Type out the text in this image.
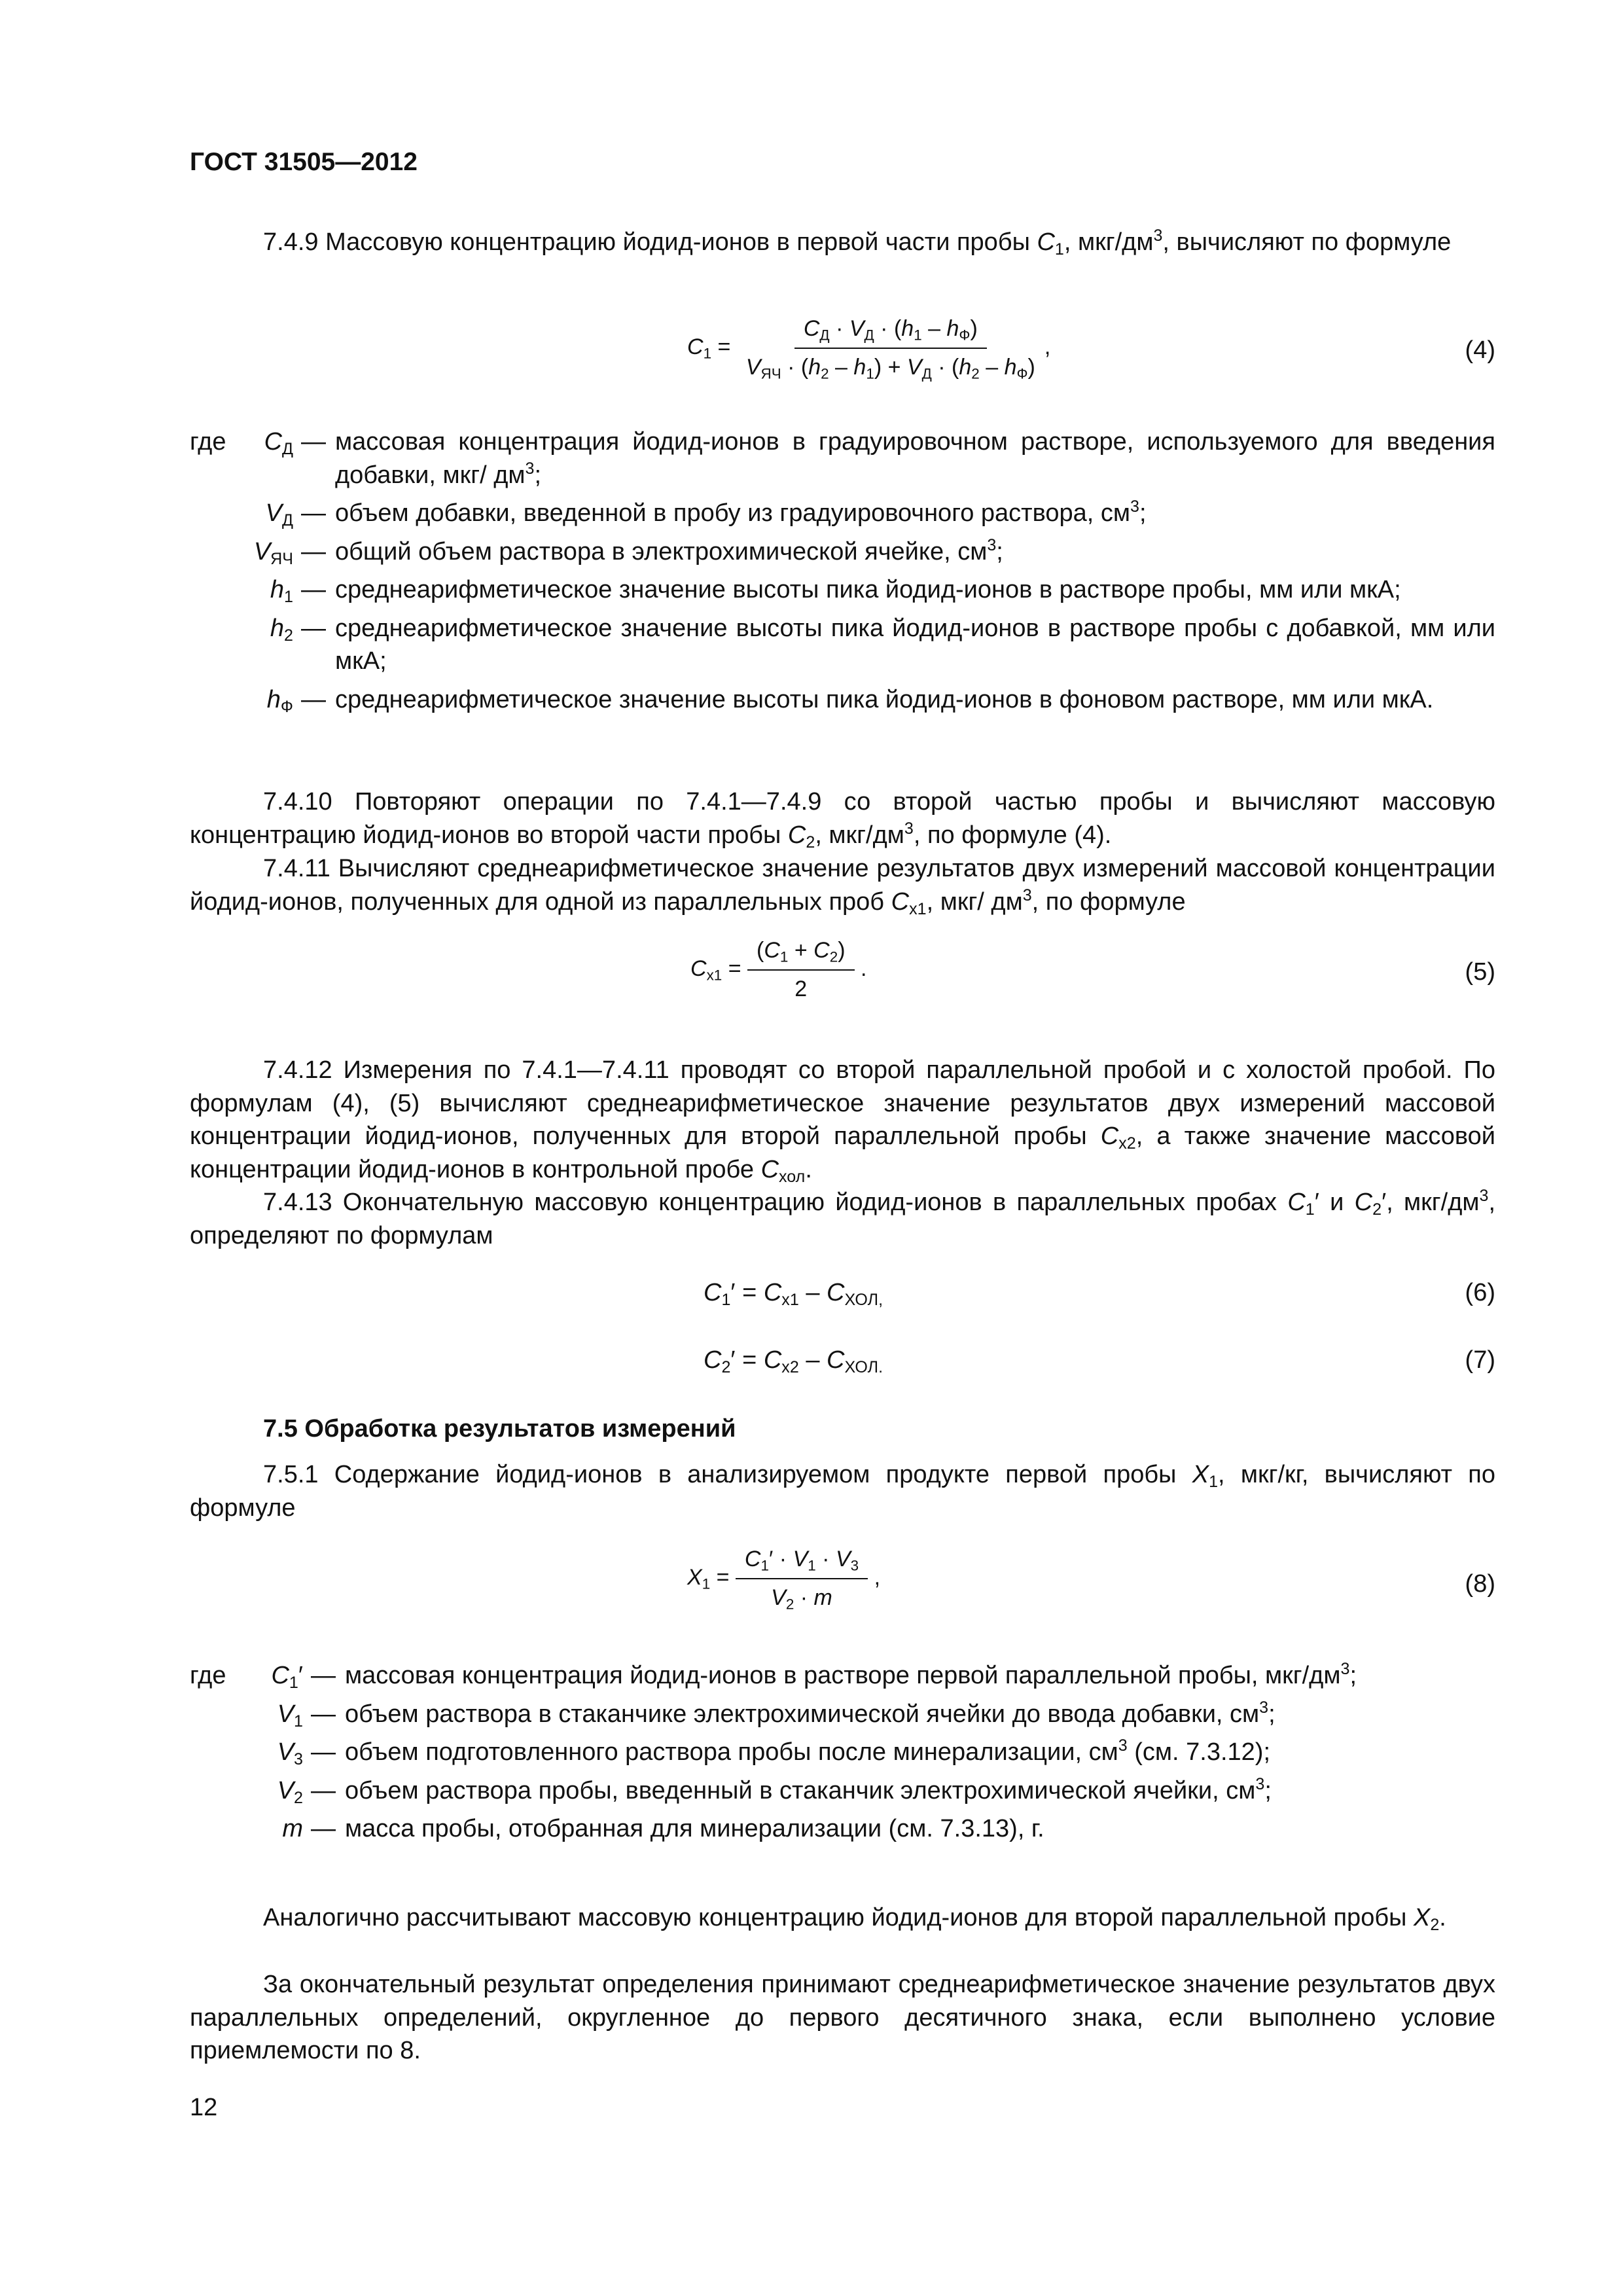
ГОСТ 31505—2012
7.4.9 Массовую концентрацию йодид-ионов в первой части пробы $C_1$, мкг/$дм^3$, вычисляют по формуле
$C_1 = \frac{C_Д \cdot V_Д \cdot (h_1 - h_Ф)}{V_{ЯЧ} \cdot (h_2 - h_1) + V_Д \cdot (h_2 - h_Ф)}$ ,	(4)
где	$C_Д$ — массовая концентрация йодид-ионов в градуировочном растворе, используемого для введения добавки, мкг/ $дм^3$;
$V_Д$ — объем добавки, введенной в пробу из градуировочного раствора, $см^3$;
$V_{ЯЧ}$ — общий объем раствора в электрохимической ячейке, $см^3$;
$h_1$ — среднеарифметическое значение высоты пика йодид-ионов в растворе пробы, мм или мкА;
$h_2$ — среднеарифметическое значение высоты пика йодид-ионов в растворе пробы с добавкой, мм или мкА;
$h_Ф$ — среднеарифметическое значение высоты пика йодид-ионов в фоновом растворе, мм или мкА.
7.4.10 Повторяют операции по 7.4.1—7.4.9 со второй частью пробы и вычисляют массовую концентрацию йодид-ионов во второй части пробы $C_2$, мкг/$дм^3$, по формуле (4).
7.4.11 Вычисляют среднеарифметическое значение результатов двух измерений массовой концентрации йодид-ионов, полученных для одной из параллельных проб $C_{x1}$, мкг/ $дм^3$, по формуле
$C_{x1} = \frac{(C_1 + C_2)}{2}$ .	(5)
7.4.12 Измерения по 7.4.1—7.4.11 проводят со второй параллельной пробой и с холостой пробой. По формулам (4), (5) вычисляют среднеарифметическое значение результатов двух измерений массовой концентрации йодид-ионов, полученных для второй параллельной пробы $C_{x2}$, а также значение массовой концентрации йодид-ионов в контрольной пробе $C_{хол}$.
7.4.13 Окончательную массовую концентрацию йодид-ионов в параллельных пробах $C_1'$ и $C_2'$, мкг/$дм^3$, определяют по формулам
$C_1' = C_{x1} - C_{ХОЛ,}$	(6)
$C_2' = C_{x2} - C_{ХОЛ.}$	(7)
7.5 Обработка результатов измерений
7.5.1 Содержание йодид-ионов в анализируемом продукте первой пробы $X_1$, мкг/кг, вычисляют по формуле
$X_1 = \frac{C_1' \cdot V_1 \cdot V_3}{V_2 \cdot m}$ ,	(8)
где	$C_1'$ — массовая концентрация йодид-ионов в растворе первой параллельной пробы, мкг/$дм^3$;
$V_1$ — объем раствора в стаканчике электрохимической ячейки до ввода добавки, $см^3$;
$V_3$ — объем подготовленного раствора пробы после минерализации, $см^3$ (см. 7.3.12);
$V_2$ — объем раствора пробы, введенный в стаканчик электрохимической ячейки, $см^3$;
m — масса пробы, отобранная для минерализации (см. 7.3.13), г.
Аналогично рассчитывают массовую концентрацию йодид-ионов для второй параллельной пробы $X_2$.
За окончательный результат определения принимают среднеарифметическое значение результатов двух параллельных определений, округленное до первого десятичного знака, если выполнено условие приемлемости по 8.
12
